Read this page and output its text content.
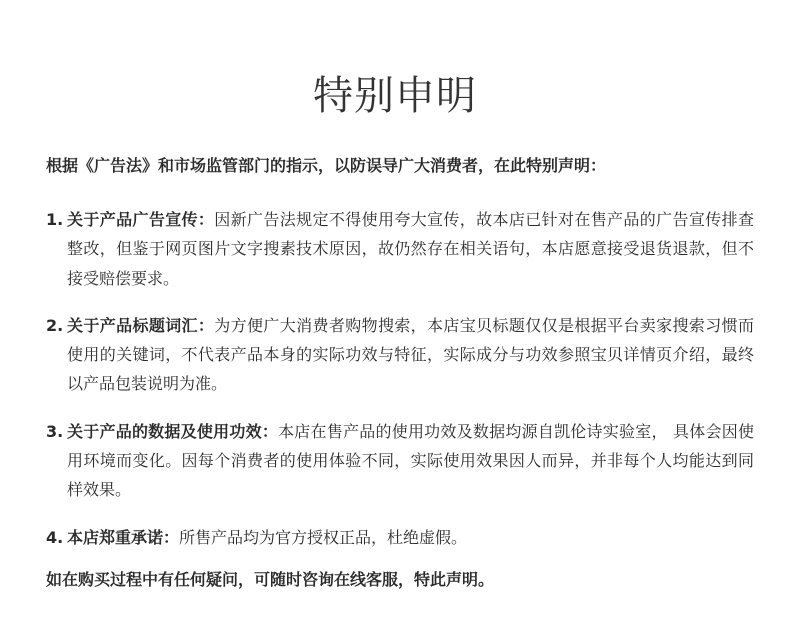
特别申明

根据《广告法》和市场监管部门的指示，以防误导广大消费者，在此特别声明：

1. 关于产品广告宣传：因新广告法规定不得使用夸大宣传，故本店已针对在售产品的广告宣传排查整改，但鉴于网页图片文字搜素技术原因，故仍然存在相关语句，本店愿意接受退货退款，但不接受赔偿要求。
2. 关于产品标题词汇：为方便广大消费者购物搜索，本店宝贝标题仅仅是根据平台卖家搜索习惯而使用的关键词，不代表产品本身的实际功效与特征，实际成分与功效参照宝贝详情页介绍，最终以产品包装说明为准。
3. 关于产品的数据及使用功效：本店在售产品的使用功效及数据均源自凯伦诗实验室， 具体会因使用环境而变化。因每个消费者的使用体验不同，实际使用效果因人而异，并非每个人均能达到同样效果。
4. 本店郑重承诺：所售产品均为官方授权正品，杜绝虚假。

如在购买过程中有任何疑问，可随时咨询在线客服，特此声明。
